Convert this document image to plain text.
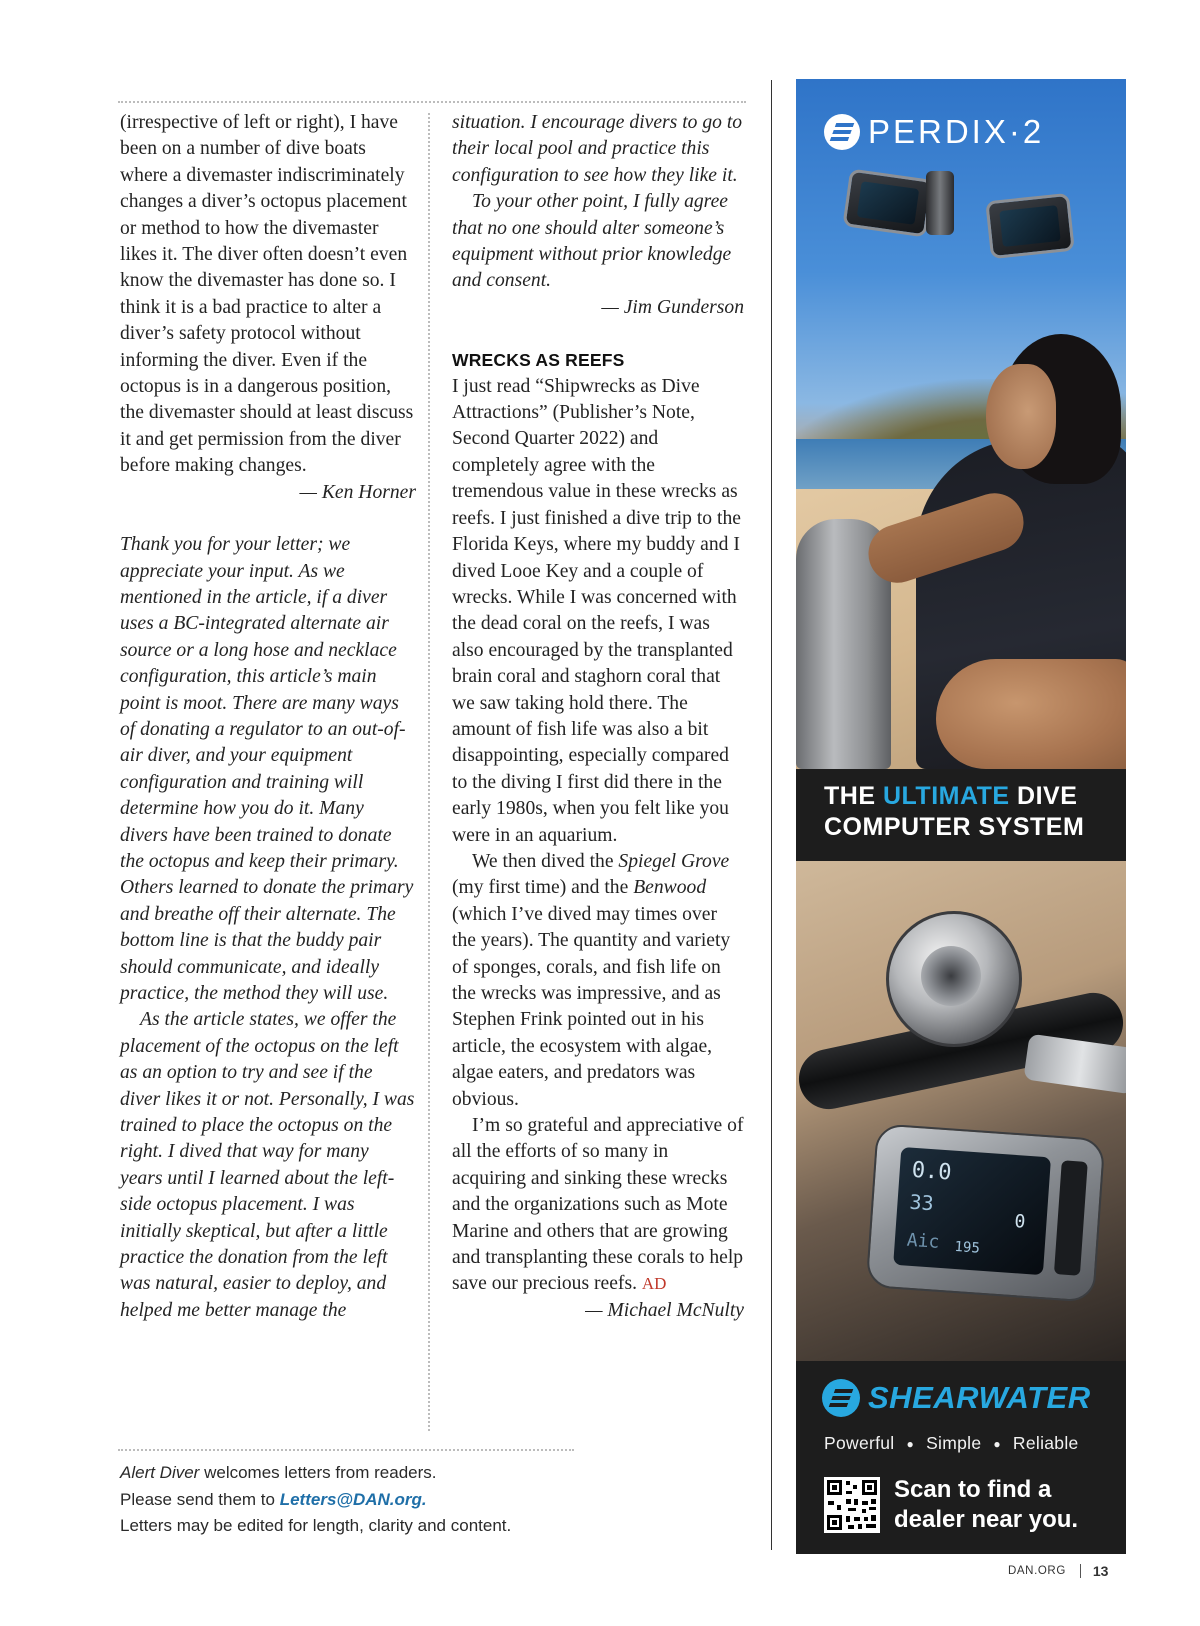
(irrespective of left or right), I have been on a number of dive boats where a divemaster indiscriminately changes a diver’s octopus placement or method to how the divemaster likes it. The diver often doesn’t even know the divemaster has done so. I think it is a bad practice to alter a diver’s safety protocol without informing the diver. Even if the octopus is in a dangerous position, the divemaster should at least discuss it and get permission from the diver before making changes.

— Ken Horner

Thank you for your letter; we appreciate your input. As we mentioned in the article, if a diver uses a BC-integrated alternate air source or a long hose and necklace configuration, this article’s main point is moot. There are many ways of donating a regulator to an out-of-air diver, and your equipment configuration and training will determine how you do it. Many divers have been trained to donate the octopus and keep their primary. Others learned to donate the primary and breathe off their alternate. The bottom line is that the buddy pair should communicate, and ideally practice, the method they will use.

As the article states, we offer the placement of the octopus on the left as an option to try and see if the diver likes it or not. Personally, I was trained to place the octopus on the right. I dived that way for many years until I learned about the left-side octopus placement. I was initially skeptical, but after a little practice the donation from the left was natural, easier to deploy, and helped me better manage the

situation. I encourage divers to go to their local pool and practice this configuration to see how they like it.

To your other point, I fully agree that no one should alter someone’s equipment without prior knowledge and consent.

— Jim Gunderson

WRECKS AS REEFS

I just read “Shipwrecks as Dive Attractions” (Publisher’s Note, Second Quarter 2022) and completely agree with the tremendous value in these wrecks as reefs. I just finished a dive trip to the Florida Keys, where my buddy and I dived Looe Key and a couple of wrecks. While I was concerned with the dead coral on the reefs, I was also encouraged by the transplanted brain coral and staghorn coral that we saw taking hold there. The amount of fish life was also a bit disappointing, especially compared to the diving I first did there in the early 1980s, when you felt like you were in an aquarium.

We then dived the Spiegel Grove (my first time) and the Benwood (which I’ve dived may times over the years). The quantity and variety of sponges, corals, and fish life on the wrecks was impressive, and as Stephen Frink pointed out in his article, the ecosystem with algae, algae eaters, and predators was obvious.

I’m so grateful and appreciative of all the efforts of so many in acquiring and sinking these wrecks and the organizations such as Mote Marine and others that are growing and transplanting these corals to help save our precious reefs. AD

— Michael McNulty

Alert Diver welcomes letters from readers.

Please send them to Letters@DAN.org.

Letters may be edited for length, clarity and content.

PERDIX·2
THE ULTIMATE DIVE
COMPUTER SYSTEM
0.0
33
Aic 195
0
SHEARWATER
Powerful ● Simple ● Reliable
Scan to find a
dealer near you.
DAN.ORG 13
